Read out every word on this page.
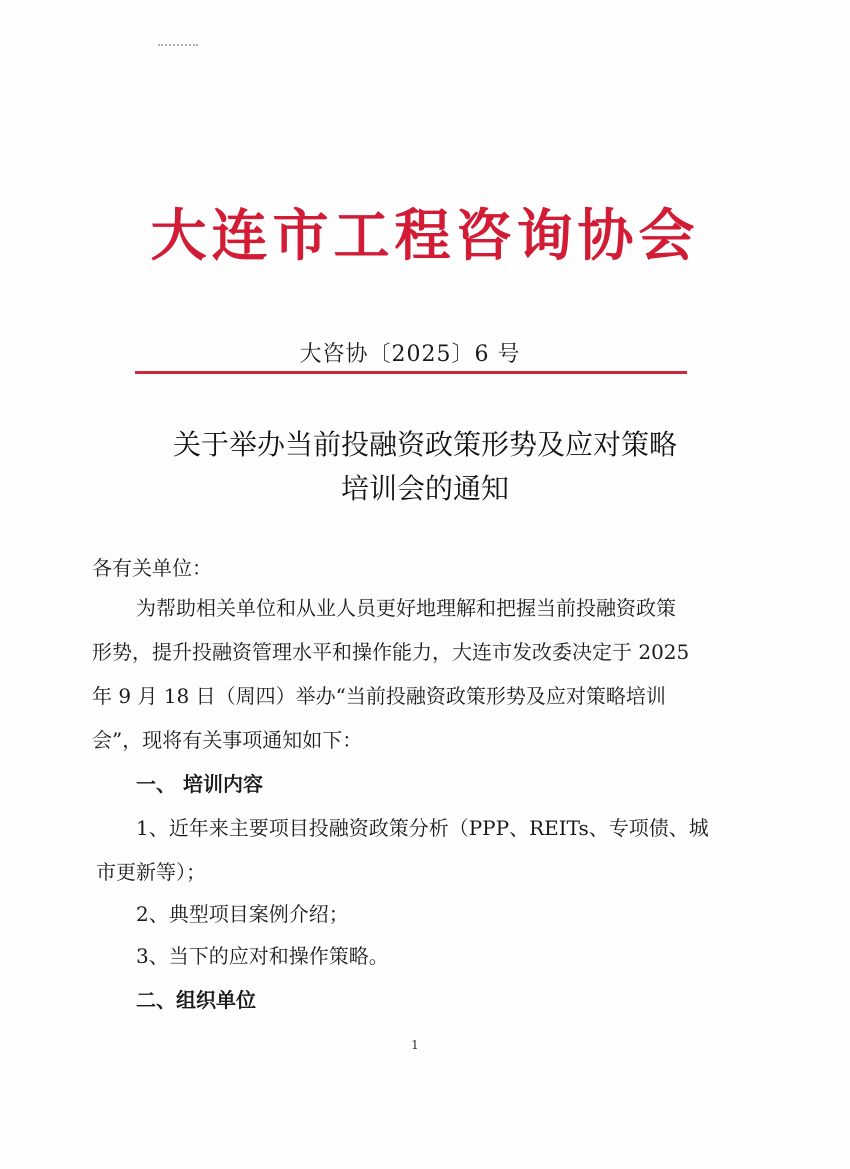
大连市工程咨询协会
大咨协〔2025〕6 号
关于举办当前投融资政策形势及应对策略
培训会的通知
各有关单位：
为帮助相关单位和从业人员更好地理解和把握当前投融资政策
形势，提升投融资管理水平和操作能力，大连市发改委决定于 2025
年 9 月 18 日（周四）举办“当前投融资政策形势及应对策略培训
会”，现将有关事项通知如下：
一、 培训内容
1、近年来主要项目投融资政策分析（PPP、REITs、专项债、城
市更新等）；
2、典型项目案例介绍；
3、当下的应对和操作策略。
二、组织单位
1
